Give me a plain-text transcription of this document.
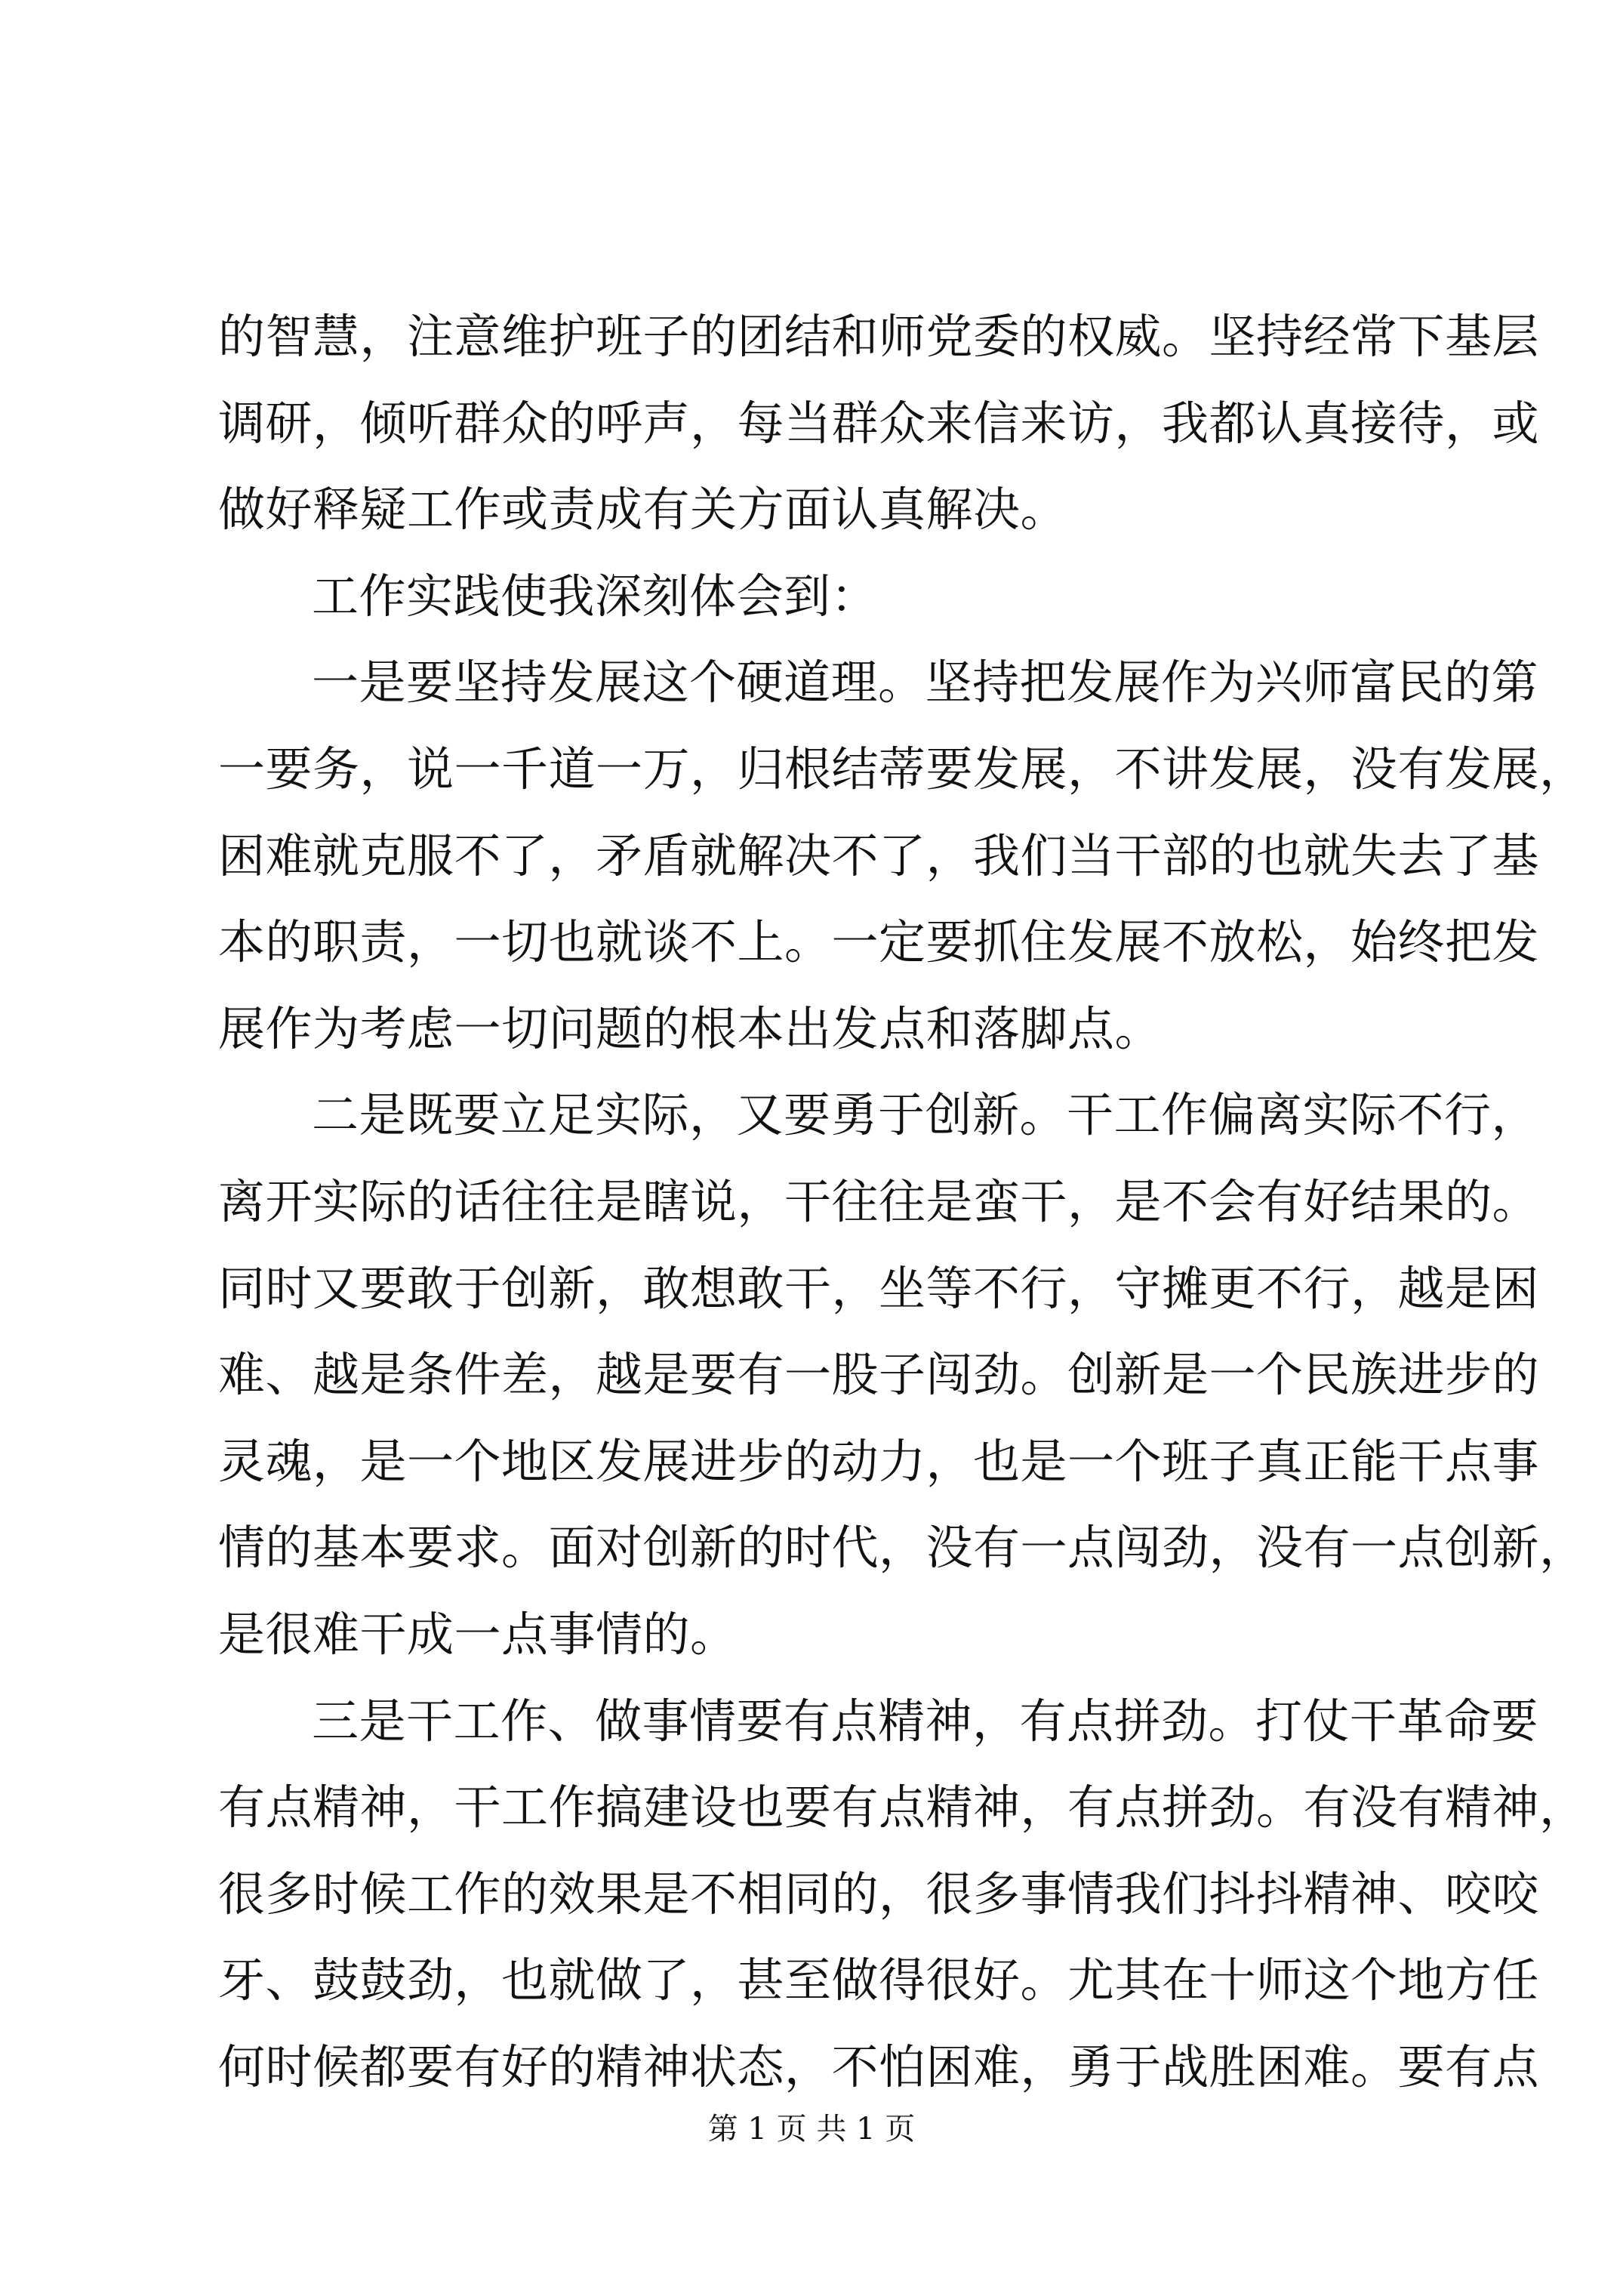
的智慧，注意维护班子的团结和师党委的权威。坚持经常下基层
调研，倾听群众的呼声，每当群众来信来访，我都认真接待，或
做好释疑工作或责成有关方面认真解决。
工作实践使我深刻体会到：
一是要坚持发展这个硬道理。坚持把发展作为兴师富民的第
一要务，说一千道一万，归根结蒂要发展，不讲发展，没有发展，
困难就克服不了，矛盾就解决不了，我们当干部的也就失去了基
本的职责，一切也就谈不上。一定要抓住发展不放松，始终把发
展作为考虑一切问题的根本出发点和落脚点。
二是既要立足实际，又要勇于创新。干工作偏离实际不行，
离开实际的话往往是瞎说，干往往是蛮干，是不会有好结果的。
同时又要敢于创新，敢想敢干，坐等不行，守摊更不行，越是困
难、越是条件差，越是要有一股子闯劲。创新是一个民族进步的
灵魂，是一个地区发展进步的动力，也是一个班子真正能干点事
情的基本要求。面对创新的时代，没有一点闯劲，没有一点创新，
是很难干成一点事情的。
三是干工作、做事情要有点精神，有点拼劲。打仗干革命要
有点精神，干工作搞建设也要有点精神，有点拼劲。有没有精神，
很多时候工作的效果是不相同的，很多事情我们抖抖精神、咬咬
牙、鼓鼓劲，也就做了，甚至做得很好。尤其在十师这个地方任
何时候都要有好的精神状态，不怕困难，勇于战胜困难。要有点
第 1 页 共 1 页
